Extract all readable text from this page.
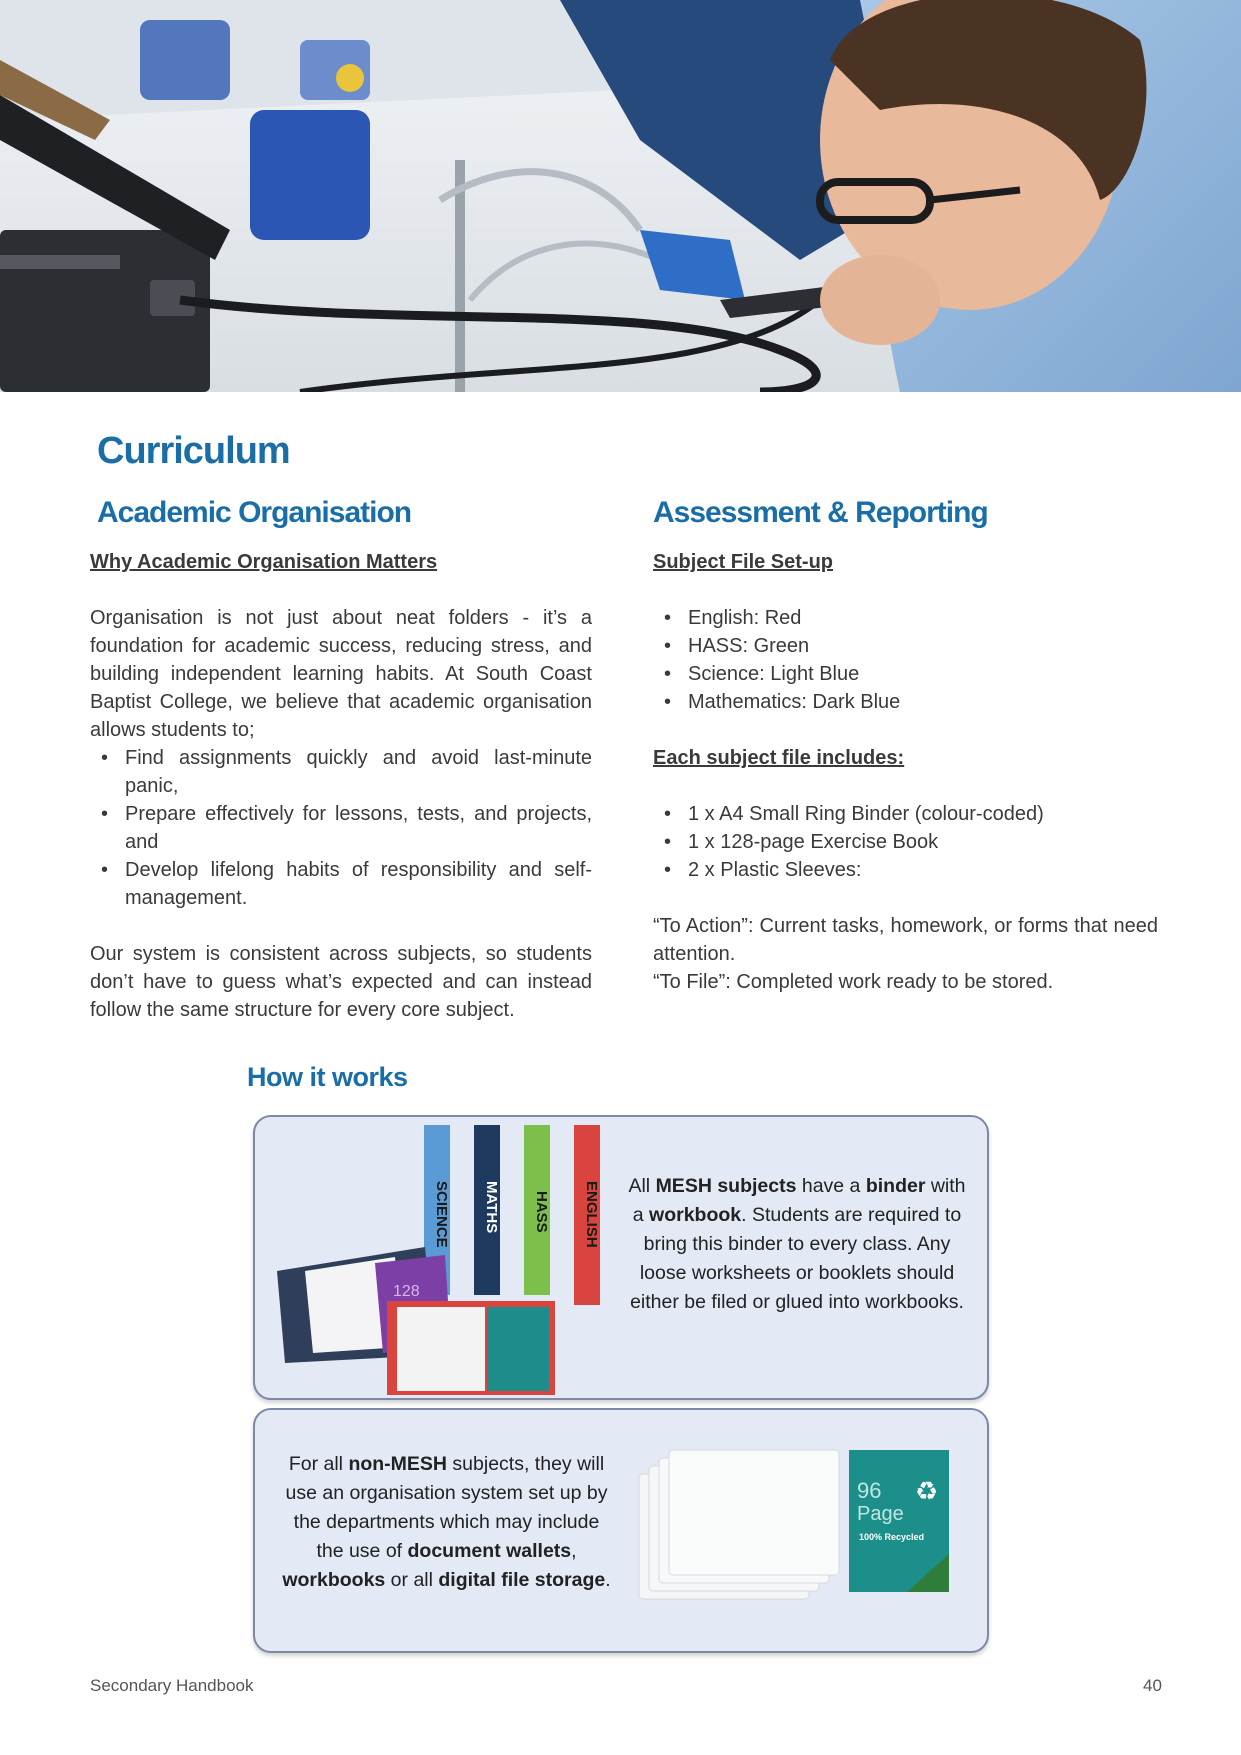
Curriculum
Academic Organisation	Assessment & Reporting
Why Academic Organisation Matters

Organisation is not just about neat folders - it’s a foundation for academic success, reducing stress, and building independent learning habits. At South Coast Baptist College, we believe that academic organisation allows students to;

• Find assignments quickly and avoid last-minute panic,
• Prepare effectively for lessons, tests, and projects, and
• Develop lifelong habits of responsibility and self-management.

Our system is consistent across subjects, so students don’t have to guess what’s expected and can instead follow the same structure for every core subject.

Subject File Set-up
• English: Red
• HASS: Green
• Science: Light Blue
• Mathematics: Dark Blue
Each subject file includes:
• 1 x A4 Small Ring Binder (colour-coded)
• 1 x 128-page Exercise Book
• 2 x Plastic Sleeves:

“To Action”: Current tasks, homework, or forms that need attention.

“To File”: Completed work ready to be stored.

How it works
SCIENCE MATHS HASS ENGLISH
128
All MESH subjects have a binder with a workbook. Students are required to bring this binder to every class. Any loose worksheets or booklets should either be filed or glued into workbooks.
For all non-MESH subjects, they will use an organisation system set up by the departments which may include the use of document wallets, workbooks or all digital file storage.
96
Page
♻
100% Recycled
Secondary Handbook	40
